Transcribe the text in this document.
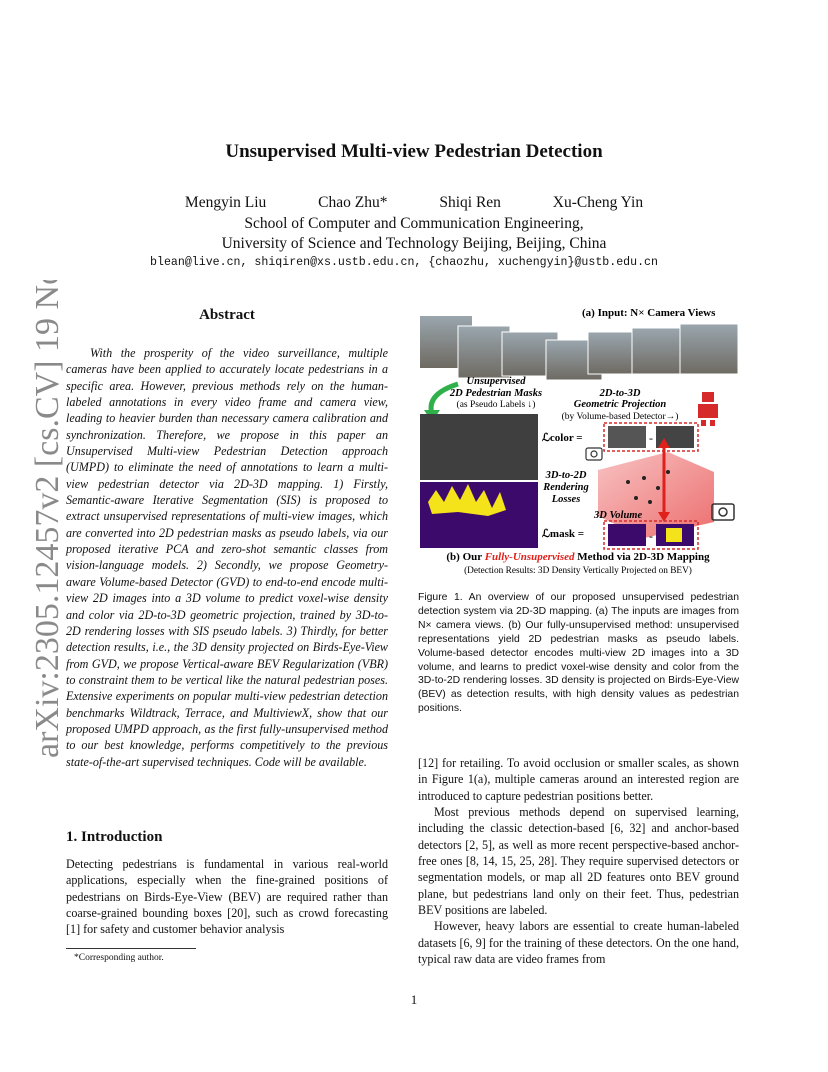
arXiv:2305.12457v2 [cs.CV] 19 Nov 2023
Unsupervised Multi-view Pedestrian Detection
Mengyin Liu	Chao Zhu*	Shiqi Ren	Xu-Cheng Yin
School of Computer and Communication Engineering,
University of Science and Technology Beijing, Beijing, China
blean@live.cn, shiqiren@xs.ustb.edu.cn, {chaozhu, xuchengyin}@ustb.edu.cn
Abstract
With the prosperity of the video surveillance, multiple cameras have been applied to accurately locate pedestrians in a specific area. However, previous methods rely on the human-labeled annotations in every video frame and camera view, leading to heavier burden than necessary camera calibration and synchronization. Therefore, we propose in this paper an Unsupervised Multi-view Pedestrian Detection approach (UMPD) to eliminate the need of annotations to learn a multi-view pedestrian detector via 2D-3D mapping. 1) Firstly, Semantic-aware Iterative Segmentation (SIS) is proposed to extract unsupervised representations of multi-view images, which are converted into 2D pedestrian masks as pseudo labels, via our proposed iterative PCA and zero-shot semantic classes from vision-language models. 2) Secondly, we propose Geometry-aware Volume-based Detector (GVD) to end-to-end encode multi-view 2D images into a 3D volume to predict voxel-wise density and color via 2D-to-3D geometric projection, trained by 3D-to-2D rendering losses with SIS pseudo labels. 3) Thirdly, for better detection results, i.e., the 3D density projected on Birds-Eye-View from GVD, we propose Vertical-aware BEV Regularization (VBR) to constraint them to be vertical like the natural pedestrian poses. Extensive experiments on popular multi-view pedestrian detection benchmarks Wildtrack, Terrace, and MultiviewX, show that our proposed UMPD approach, as the first fully-unsupervised method to our best knowledge, performs competitively to the previous state-of-the-art supervised techniques. Code will be available.
1. Introduction
Detecting pedestrians is fundamental in various real-world applications, especially when the fine-grained positions of pedestrians on Birds-Eye-View (BEV) are required rather than coarse-grained bounding boxes [20], such as crowd forecasting [1] for safety and customer behavior analysis
*Corresponding author.
1
(a) Input: N× Camera Views
Unsupervised
2D Pedestrian Masks
(as Pseudo Labels ↓)
2D-to-3D
Geometric Projection
(by Volume-based Detector→)
ℒcolor =	-
3D-to-2D
Rendering
Losses
3D Volume
ℒmask =	-
(b) Our Fully-Unsupervised Method via 2D-3D Mapping
(Detection Results: 3D Density Vertically Projected on BEV)
Figure 1. An overview of our proposed unsupervised pedestrian detection system via 2D-3D mapping. (a) The inputs are images from N× camera views. (b) Our fully-unsupervised method: unsupervised representations yield 2D pedestrian masks as pseudo labels. Volume-based detector encodes multi-view 2D images into a 3D volume, and learns to predict voxel-wise density and color from the 3D-to-2D rendering losses. 3D density is projected on Birds-Eye-View (BEV) as detection results, with high density values as pedestrian positions.

[12] for retailing. To avoid occlusion or smaller scales, as shown in Figure 1(a), multiple cameras around an interested region are introduced to capture pedestrian positions better.

Most previous methods depend on supervised learning, including the classic detection-based [6, 32] and anchor-based detectors [2, 5], as well as more recent perspective-based anchor-free ones [8, 14, 15, 25, 28]. They require supervised detectors or segmentation models, or map all 2D features onto BEV ground plane, but pedestrians land only on their feet. Thus, pedestrian BEV positions are labeled.

However, heavy labors are essential to create human-labeled datasets [6, 9] for the training of these detectors. On the one hand, typical raw data are video frames from
